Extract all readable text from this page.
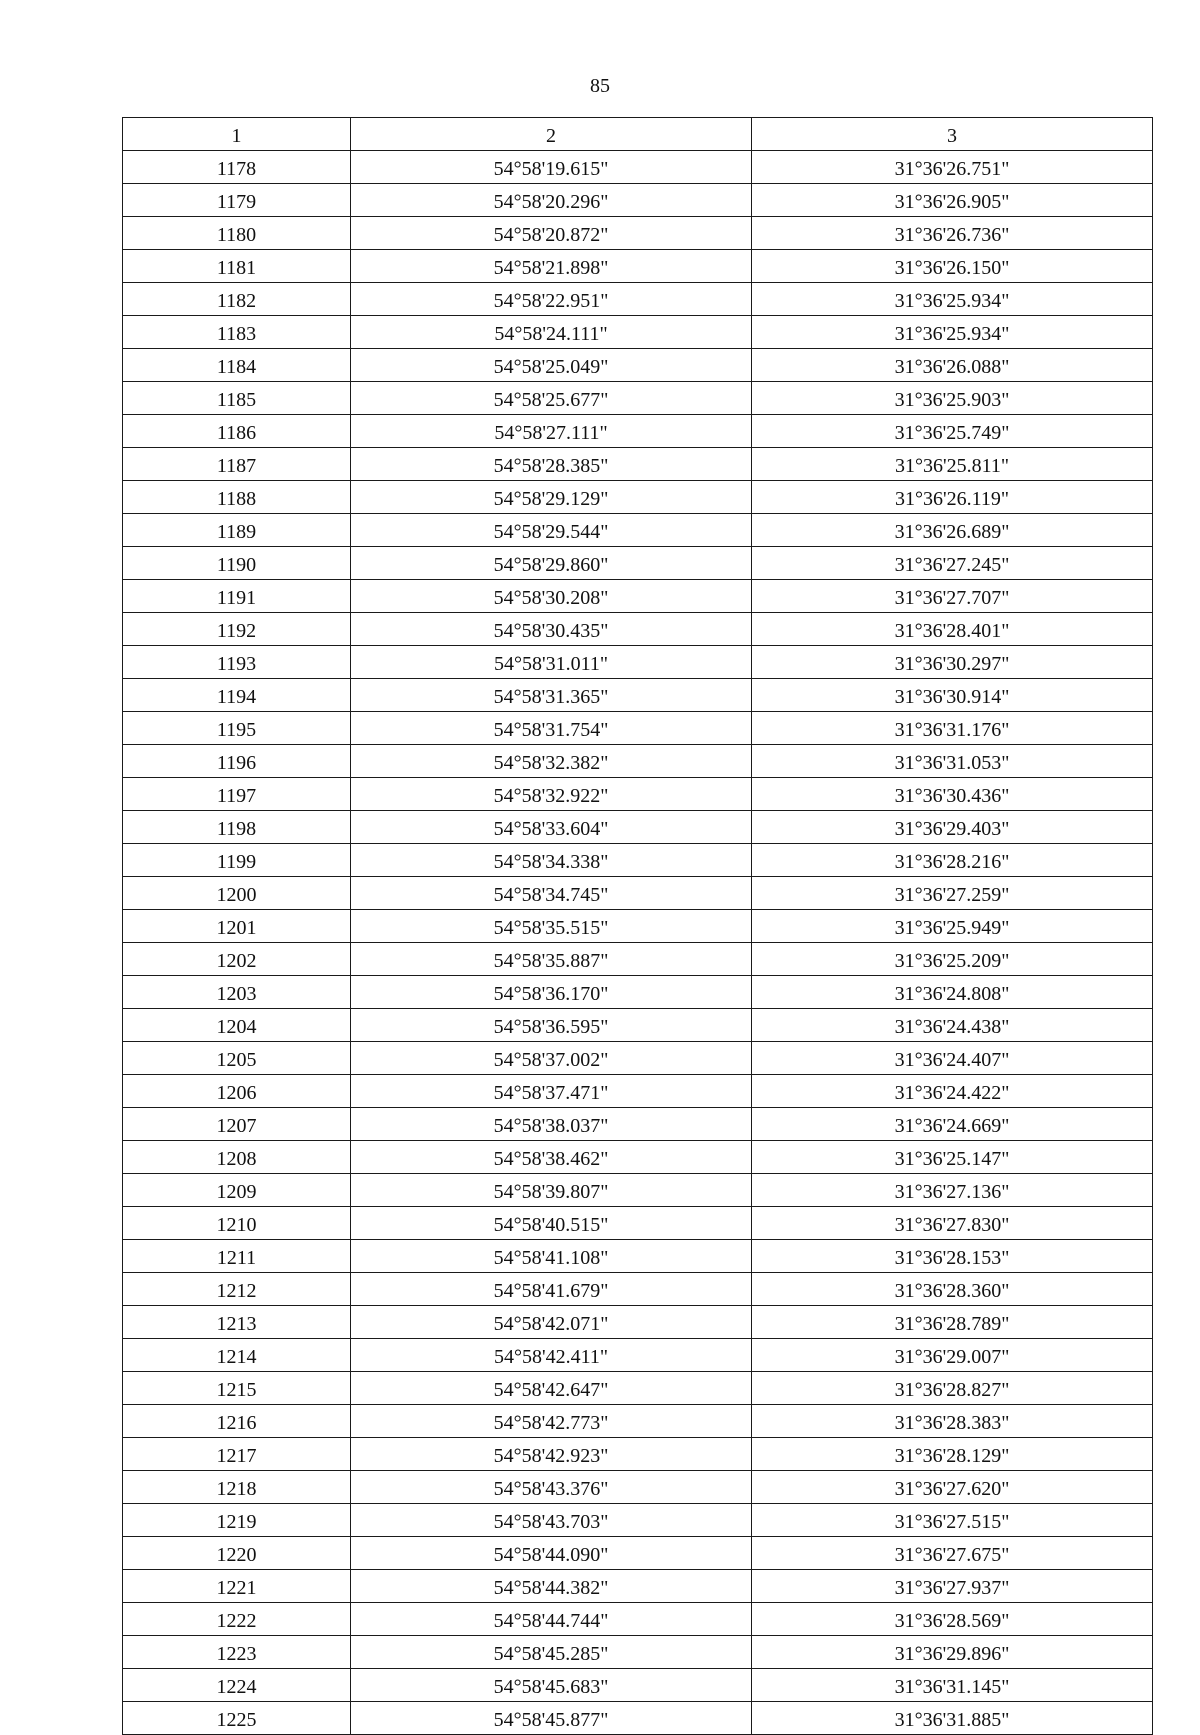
85
1	2	3
1178	54°58'19.615"	31°36'26.751"
1179	54°58'20.296"	31°36'26.905"
1180	54°58'20.872"	31°36'26.736"
1181	54°58'21.898"	31°36'26.150"
1182	54°58'22.951"	31°36'25.934"
1183	54°58'24.111"	31°36'25.934"
1184	54°58'25.049"	31°36'26.088"
1185	54°58'25.677"	31°36'25.903"
1186	54°58'27.111"	31°36'25.749"
1187	54°58'28.385"	31°36'25.811"
1188	54°58'29.129"	31°36'26.119"
1189	54°58'29.544"	31°36'26.689"
1190	54°58'29.860"	31°36'27.245"
1191	54°58'30.208"	31°36'27.707"
1192	54°58'30.435"	31°36'28.401"
1193	54°58'31.011"	31°36'30.297"
1194	54°58'31.365"	31°36'30.914"
1195	54°58'31.754"	31°36'31.176"
1196	54°58'32.382"	31°36'31.053"
1197	54°58'32.922"	31°36'30.436"
1198	54°58'33.604"	31°36'29.403"
1199	54°58'34.338"	31°36'28.216"
1200	54°58'34.745"	31°36'27.259"
1201	54°58'35.515"	31°36'25.949"
1202	54°58'35.887"	31°36'25.209"
1203	54°58'36.170"	31°36'24.808"
1204	54°58'36.595"	31°36'24.438"
1205	54°58'37.002"	31°36'24.407"
1206	54°58'37.471"	31°36'24.422"
1207	54°58'38.037"	31°36'24.669"
1208	54°58'38.462"	31°36'25.147"
1209	54°58'39.807"	31°36'27.136"
1210	54°58'40.515"	31°36'27.830"
1211	54°58'41.108"	31°36'28.153"
1212	54°58'41.679"	31°36'28.360"
1213	54°58'42.071"	31°36'28.789"
1214	54°58'42.411"	31°36'29.007"
1215	54°58'42.647"	31°36'28.827"
1216	54°58'42.773"	31°36'28.383"
1217	54°58'42.923"	31°36'28.129"
1218	54°58'43.376"	31°36'27.620"
1219	54°58'43.703"	31°36'27.515"
1220	54°58'44.090"	31°36'27.675"
1221	54°58'44.382"	31°36'27.937"
1222	54°58'44.744"	31°36'28.569"
1223	54°58'45.285"	31°36'29.896"
1224	54°58'45.683"	31°36'31.145"
1225	54°58'45.877"	31°36'31.885"
